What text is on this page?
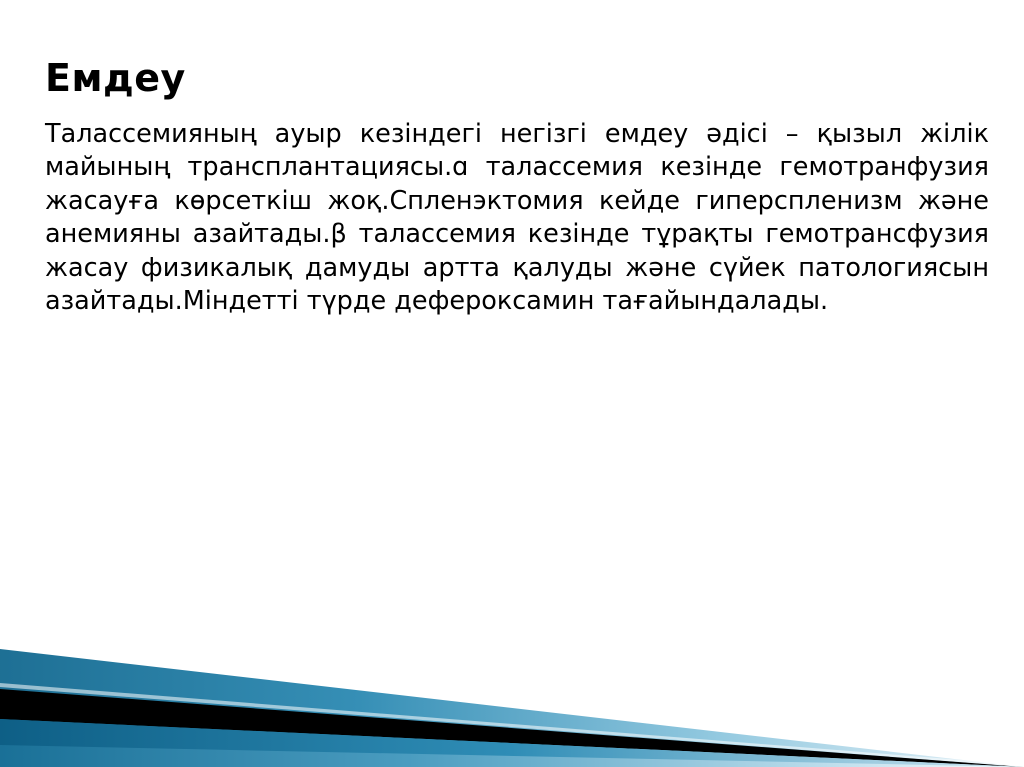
Емдеу

Талассемияның ауыр кезіндегі негізгі емдеу әдісі – қызыл жілік майының трансплантациясы.ɑ талассемия кезінде гемотранфузия жасауға көрсеткіш жоқ.Спленэктомия кейде гиперспленизм және анемияны азайтады.β талассемия кезінде тұрақты гемотрансфузия жасау физикалық дамуды артта қалуды және сүйек патологиясын азайтады.Міндетті түрде дефероксамин тағайындалады.
